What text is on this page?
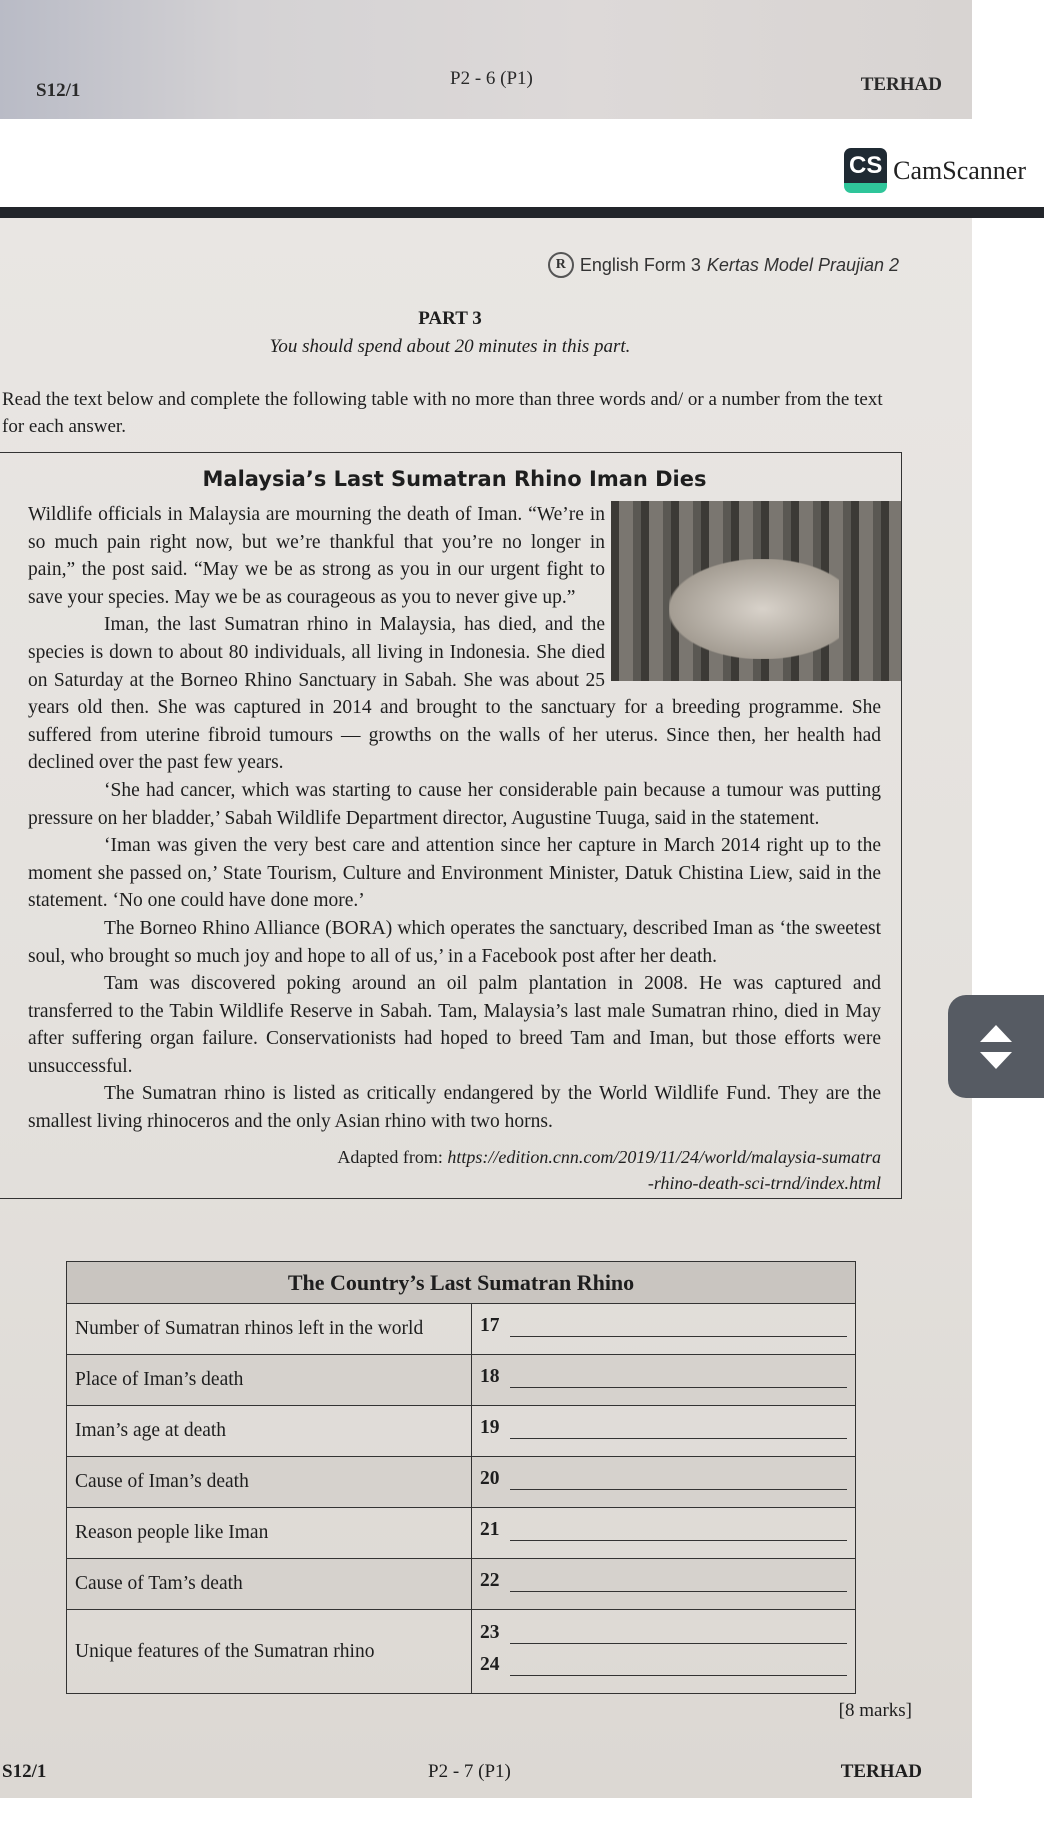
S12/1
P2 - 6 (P1)	TERHAD
CS CamScanner
R English Form 3 Kertas Model Praujian 2
PART 3
You should spend about 20 minutes in this part.
Read the text below and complete the following table with no more than three words and/ or a number from the text for each answer.
Malaysia’s Last Sumatran Rhino Iman Dies

Wildlife officials in Malaysia are mourning the death of Iman. “We’re in so much pain right now, but we’re thankful that you’re no longer in pain,” the post said. “May we be as strong as you in our urgent fight to save your species. May we be as courageous as you to never give up.”

Iman, the last Sumatran rhino in Malaysia, has died, and the species is down to about 80 individuals, all living in Indonesia. She died on Saturday at the Borneo Rhino Sanctuary in Sabah. She was about 25 years old then. She was captured in 2014 and brought to the sanctuary for a breeding programme. She suffered from uterine fibroid tumours — growths on the walls of her uterus. Since then, her health had declined over the past few years.

‘She had cancer, which was starting to cause her considerable pain because a tumour was putting pressure on her bladder,’ Sabah Wildlife Department director, Augustine Tuuga, said in the statement.

‘Iman was given the very best care and attention since her capture in March 2014 right up to the moment she passed on,’ State Tourism, Culture and Environment Minister, Datuk Chistina Liew, said in the statement. ‘No one could have done more.’

The Borneo Rhino Alliance (BORA) which operates the sanctuary, described Iman as ‘the sweetest soul, who brought so much joy and hope to all of us,’ in a Facebook post after her death.

Tam was discovered poking around an oil palm plantation in 2008. He was captured and transferred to the Tabin Wildlife Reserve in Sabah. Tam, Malaysia’s last male Sumatran rhino, died in May after suffering organ failure. Conservationists had hoped to breed Tam and Iman, but those efforts were unsuccessful.

The Sumatran rhino is listed as critically endangered by the World Wildlife Fund. They are the smallest living rhinoceros and the only Asian rhino with two horns.

Adapted from: https://edition.cnn.com/2019/11/24/world/malaysia-sumatra
-rhino-death-sci-trnd/index.html
The Country’s Last Sumatran Rhino	
Number of Sumatran rhinos left in the world	17

Place of Iman’s death	18

Iman’s age at death	19

Cause of Iman’s death	20

Reason people like Iman	21

Cause of Tam’s death	22

Unique features of the Sumatran rhino	23
24
[8 marks]
S12/1	P2 - 7 (P1)	TERHAD
